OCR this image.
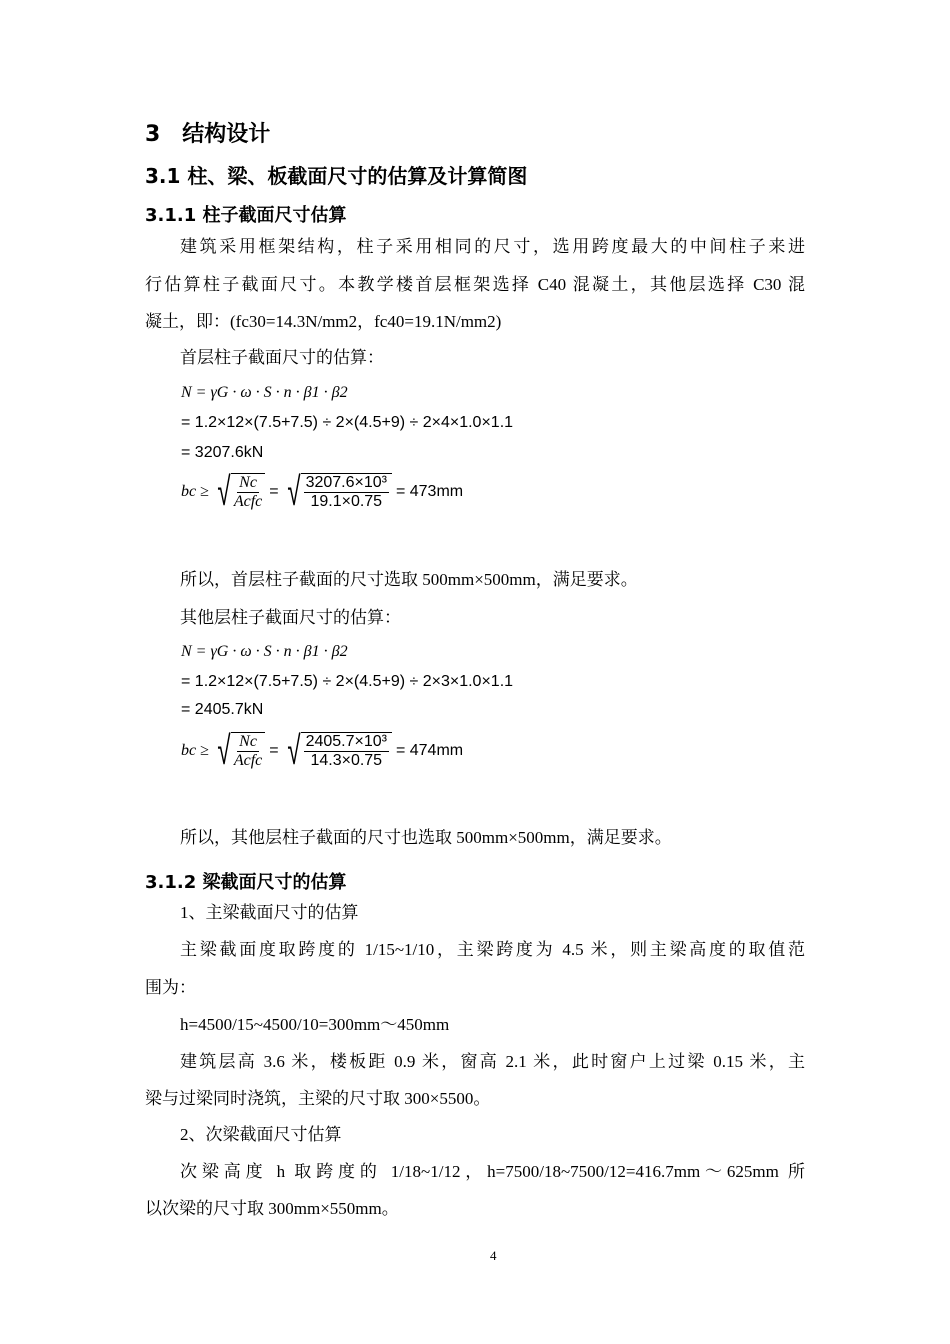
3　结构设计
3.1 柱、梁、板截面尺寸的估算及计算简图
3.1.1 柱子截面尺寸估算
建筑采用框架结构，柱子采用相同的尺寸，选用跨度最大的中间柱子来进
行估算柱子截面尺寸。本教学楼首层框架选择 C40 混凝土，其他层选择 C30 混
凝土，即：(fc30=14.3N/mm2，fc40=19.1N/mm2)
首层柱子截面尺寸的估算：
N = γG · ω · S · n · β1 · β2
= 1.2×12×(7.5+7.5) ÷ 2×(4.5+9) ÷ 2×4×1.0×1.1
= 3207.6kN
bc ≥ √ Nc
Acfc
= √ $\frac{\text{3207.6×10³}}{19.1\times 0.75} = 473mm$
所以，首层柱子截面的尺寸选取 500mm×500mm，满足要求。
其他层柱子截面尺寸的估算：
N = γG · ω · S · n · β1 · β2
= 1.2×12×(7.5+7.5) ÷ 2×(4.5+9) ÷ 2×3×1.0×1.1
= 2405.7kN
bc ≥ √ Nc
Acfc
= √ $\frac{\text{2405.7×10³}}{14.3\times 0.75} = 474mm$
所以，其他层柱子截面的尺寸也选取 500mm×500mm，满足要求。
3.1.2 梁截面尺寸的估算
1、主梁截面尺寸的估算
主梁截面度取跨度的 1/15~1/10，主梁跨度为 4.5 米，则主梁高度的取值范
围为：
h=4500/15~4500/10=300mm～450mm
建筑层高 3.6 米，楼板距 0.9 米，窗高 2.1 米，此时窗户上过梁 0.15 米，主
梁与过梁同时浇筑，主梁的尺寸取 300×5500。
2、次梁截面尺寸估算
次梁高度 h 取跨度的 1/18~1/12，h=7500/18~7500/12=416.7mm～625mm 所
以次梁的尺寸取 300mm×550mm。
4
